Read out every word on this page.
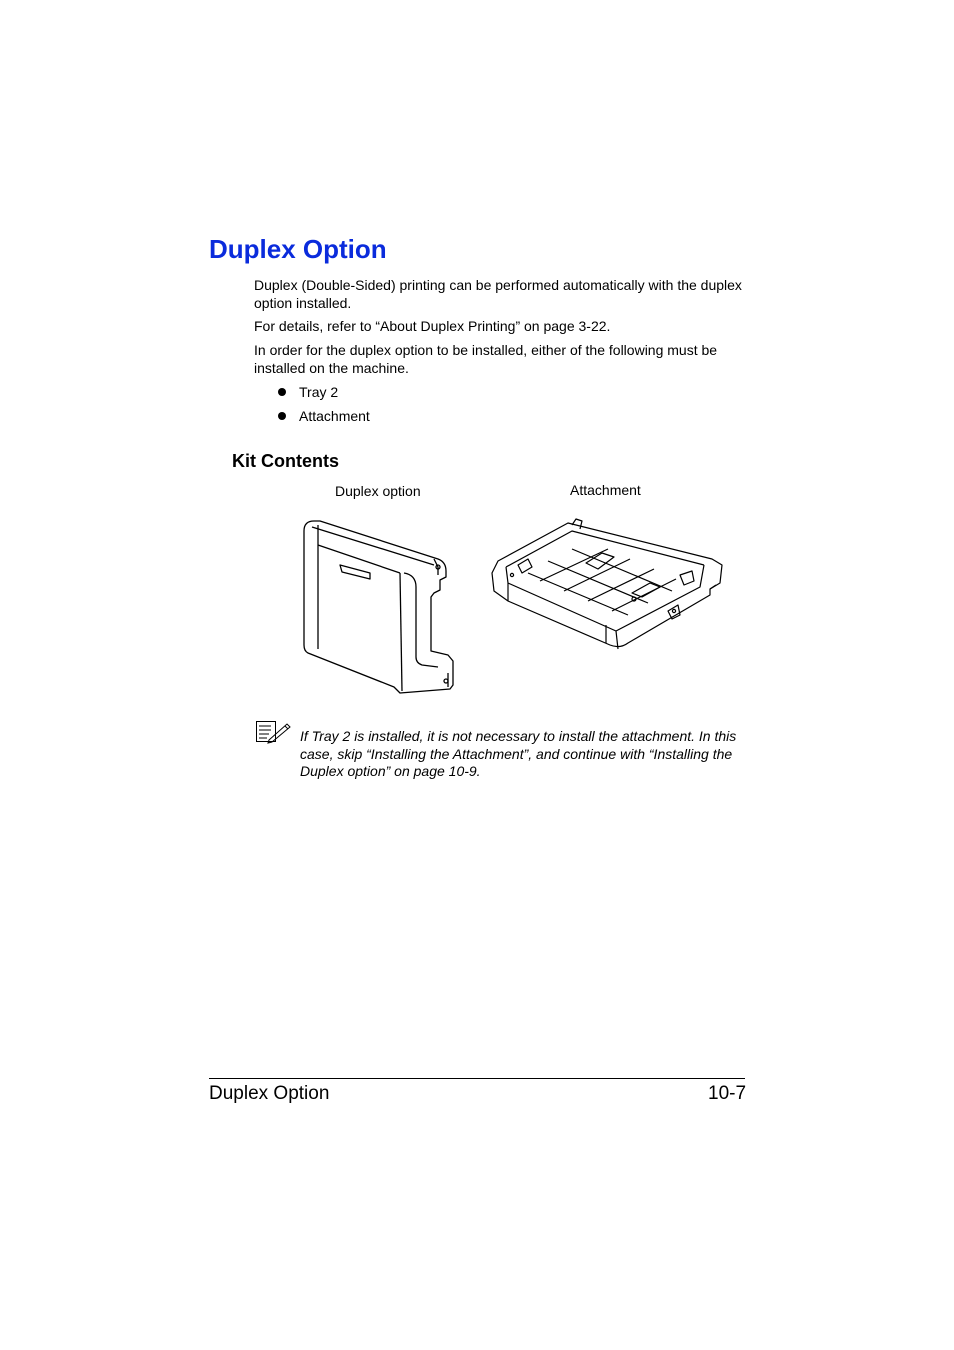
Duplex Option

Duplex (Double-Sided) printing can be performed automatically with the duplex option installed.

For details, refer to “About Duplex Printing” on page 3-22.

In order for the duplex option to be installed, either of the following must be installed on the machine.

Tray 2
Attachment
Kit Contents
Duplex option	Attachment

If Tray 2 is installed, it is not necessary to install the attachment. In this case, skip “Installing the Attachment”, and continue with “Installing the Duplex option” on page 10-9.

Duplex Option	10-7
